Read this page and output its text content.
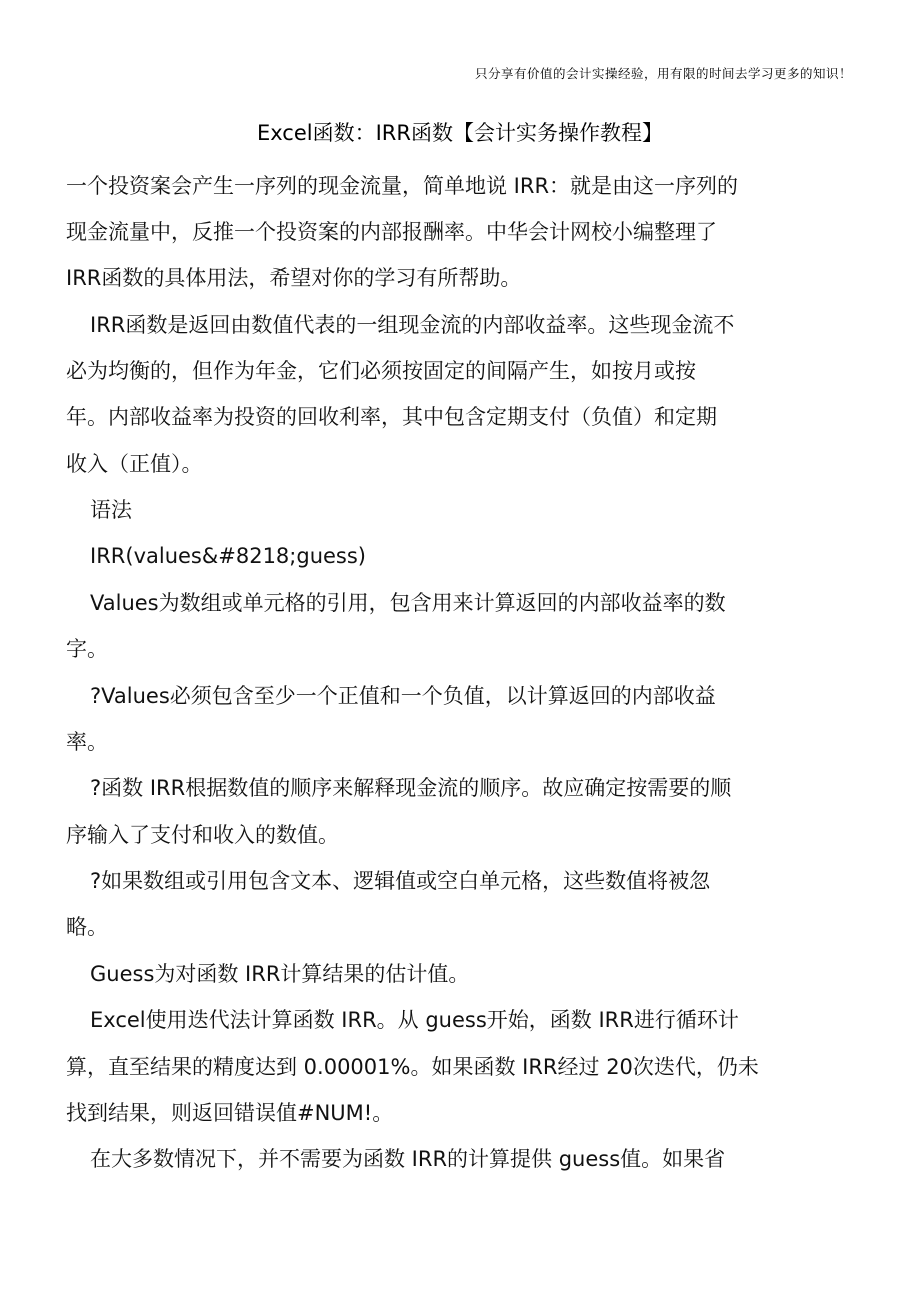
只分享有价值的会计实操经验，用有限的时间去学习更多的知识！
Excel函数：IRR函数【会计实务操作教程】
一个投资案会产生一序列的现金流量，简单地说 IRR：就是由这一序列的
现金流量中，反推一个投资案的内部报酬率。中华会计网校小编整理了
IRR函数的具体用法，希望对你的学习有所帮助。
IRR函数是返回由数值代表的一组现金流的内部收益率。这些现金流不
必为均衡的，但作为年金，它们必须按固定的间隔产生，如按月或按
年。内部收益率为投资的回收利率，其中包含定期支付（负值）和定期
收入（正值）。
语法
IRR(values&#8218;guess)
Values为数组或单元格的引用，包含用来计算返回的内部收益率的数
字。
?Values必须包含至少一个正值和一个负值，以计算返回的内部收益
率。
?函数 IRR根据数值的顺序来解释现金流的顺序。故应确定按需要的顺
序输入了支付和收入的数值。
?如果数组或引用包含文本、逻辑值或空白单元格，这些数值将被忽
略。
Guess为对函数 IRR计算结果的估计值。
Excel使用迭代法计算函数 IRR。从 guess开始，函数 IRR进行循环计
算，直至结果的精度达到 0.00001%。如果函数 IRR经过 20次迭代，仍未
找到结果，则返回错误值#NUM!。
在大多数情况下，并不需要为函数 IRR的计算提供 guess值。如果省
